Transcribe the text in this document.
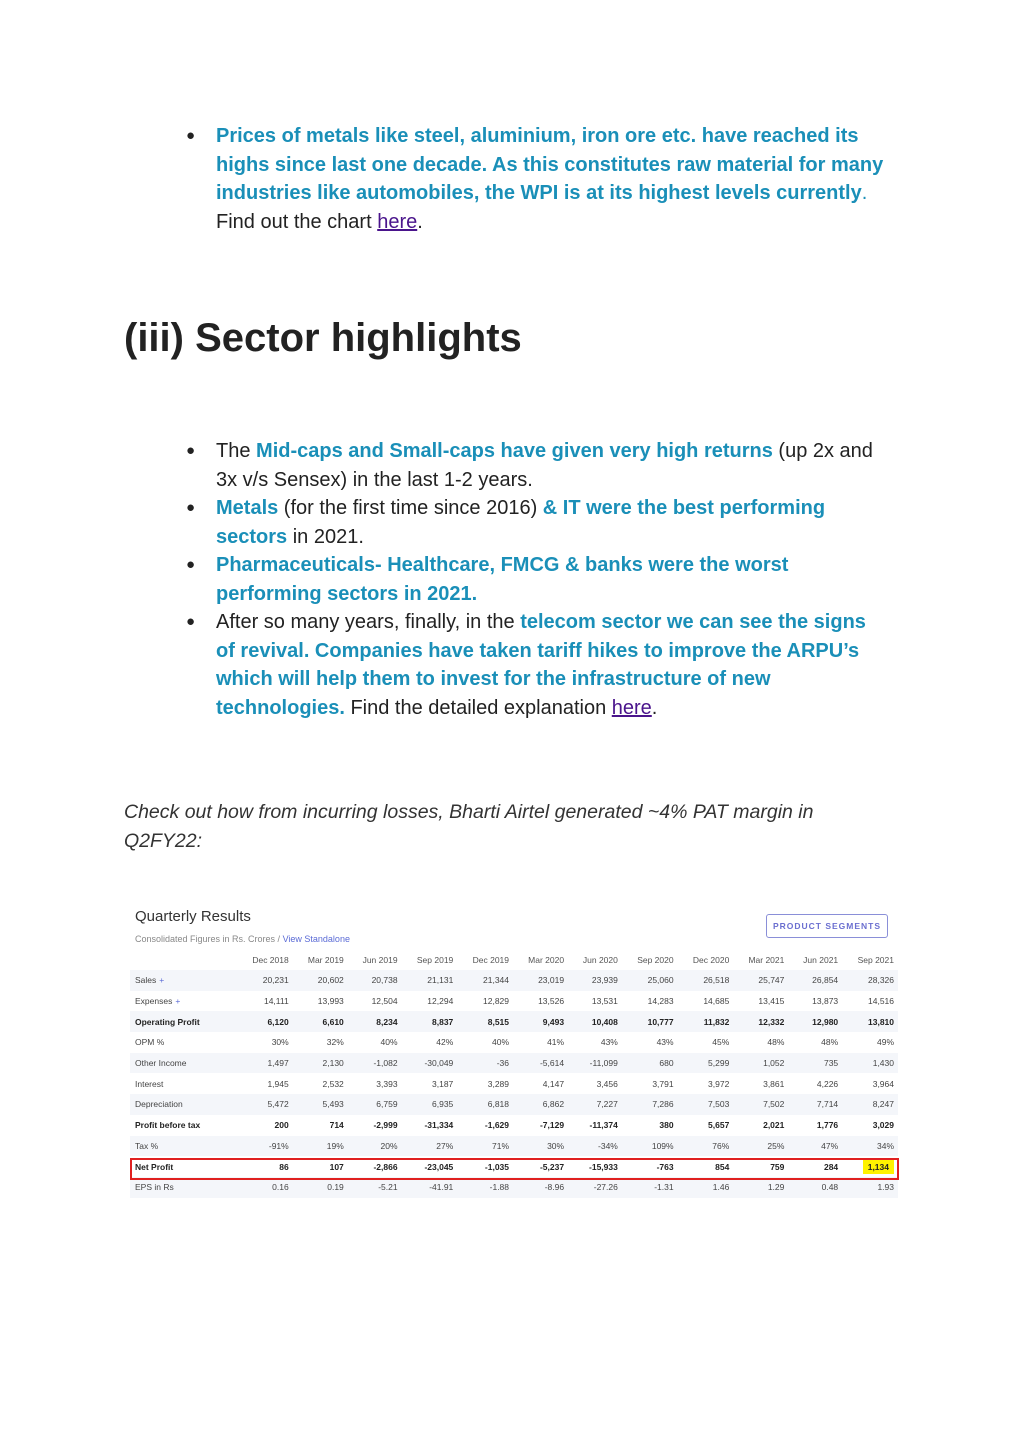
● Prices of metals like steel, aluminium, iron ore etc. have reached its highs since last one decade. As this constitutes raw material for many industries like automobiles, the WPI is at its highest levels currently.
Find out the chart here.
(iii) Sector highlights
● The Mid-caps and Small-caps have given very high returns (up 2x and 3x v/s Sensex) in the last 1-2 years.
● Metals (for the first time since 2016) & IT were the best performing sectors in 2021.
● Pharmaceuticals- Healthcare, FMCG & banks were the worst performing sectors in 2021.
● After so many years, finally, in the telecom sector we can see the signs of revival. Companies have taken tariff hikes to improve the ARPU’s which will help them to invest for the infrastructure of new technologies. Find the detailed explanation here.
Check out how from incurring losses, Bharti Airtel generated ~4% PAT margin in Q2FY22:
Quarterly Results
Consolidated Figures in Rs. Crores / View Standalone
PRODUCT SEGMENTS
	Dec 2018	Mar 2019	Jun 2019	Sep 2019	Dec 2019	Mar 2020	Jun 2020	Sep 2020	Dec 2020	Mar 2021	Jun 2021	Sep 2021
Sales +	20,231	20,602	20,738	21,131	21,344	23,019	23,939	25,060	26,518	25,747	26,854	28,326
Expenses +	14,111	13,993	12,504	12,294	12,829	13,526	13,531	14,283	14,685	13,415	13,873	14,516
Operating Profit	6,120	6,610	8,234	8,837	8,515	9,493	10,408	10,777	11,832	12,332	12,980	13,810
OPM %	30%	32%	40%	42%	40%	41%	43%	43%	45%	48%	48%	49%
Other Income	1,497	2,130	-1,082	-30,049	-36	-5,614	-11,099	680	5,299	1,052	735	1,430
Interest	1,945	2,532	3,393	3,187	3,289	4,147	3,456	3,791	3,972	3,861	4,226	3,964
Depreciation	5,472	5,493	6,759	6,935	6,818	6,862	7,227	7,286	7,503	7,502	7,714	8,247
Profit before tax	200	714	-2,999	-31,334	-1,629	-7,129	-11,374	380	5,657	2,021	1,776	3,029
Tax %	-91%	19%	20%	27%	71%	30%	-34%	109%	76%	25%	47%	34%
Net Profit	86	107	-2,866	-23,045	-1,035	-5,237	-15,933	-763	854	759	284	1,134
EPS in Rs	0.16	0.19	-5.21	-41.91	-1.88	-8.96	-27.26	-1.31	1.46	1.29	0.48	1.93
